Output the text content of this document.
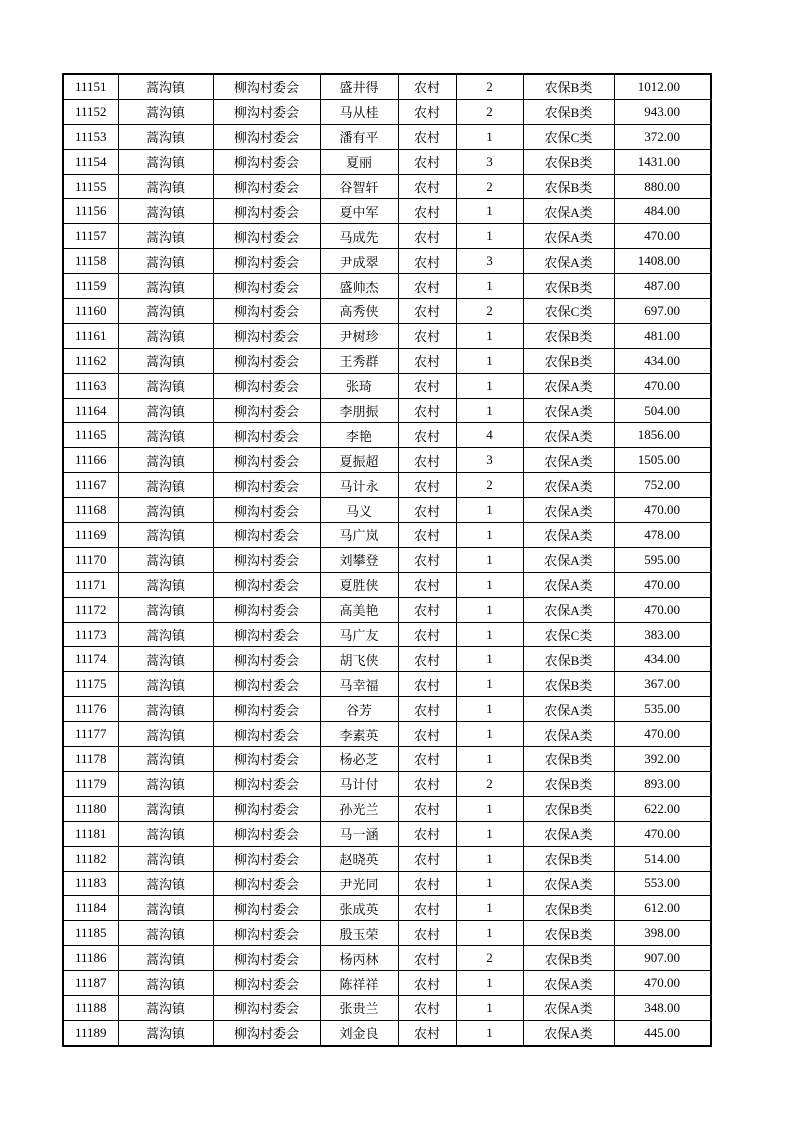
11151	蒿沟镇	柳沟村委会	盛井得	农村	2	农保B类	1012.00
11152	蒿沟镇	柳沟村委会	马从桂	农村	2	农保B类	943.00
11153	蒿沟镇	柳沟村委会	潘有平	农村	1	农保C类	372.00
11154	蒿沟镇	柳沟村委会	夏丽	农村	3	农保B类	1431.00
11155	蒿沟镇	柳沟村委会	谷智轩	农村	2	农保B类	880.00
11156	蒿沟镇	柳沟村委会	夏中军	农村	1	农保A类	484.00
11157	蒿沟镇	柳沟村委会	马成先	农村	1	农保A类	470.00
11158	蒿沟镇	柳沟村委会	尹成翠	农村	3	农保A类	1408.00
11159	蒿沟镇	柳沟村委会	盛帅杰	农村	1	农保B类	487.00
11160	蒿沟镇	柳沟村委会	高秀侠	农村	2	农保C类	697.00
11161	蒿沟镇	柳沟村委会	尹树珍	农村	1	农保B类	481.00
11162	蒿沟镇	柳沟村委会	王秀群	农村	1	农保B类	434.00
11163	蒿沟镇	柳沟村委会	张琦	农村	1	农保A类	470.00
11164	蒿沟镇	柳沟村委会	李朋振	农村	1	农保A类	504.00
11165	蒿沟镇	柳沟村委会	李艳	农村	4	农保A类	1856.00
11166	蒿沟镇	柳沟村委会	夏振超	农村	3	农保A类	1505.00
11167	蒿沟镇	柳沟村委会	马计永	农村	2	农保A类	752.00
11168	蒿沟镇	柳沟村委会	马义	农村	1	农保A类	470.00
11169	蒿沟镇	柳沟村委会	马广岚	农村	1	农保A类	478.00
11170	蒿沟镇	柳沟村委会	刘攀登	农村	1	农保A类	595.00
11171	蒿沟镇	柳沟村委会	夏胜侠	农村	1	农保A类	470.00
11172	蒿沟镇	柳沟村委会	高美艳	农村	1	农保A类	470.00
11173	蒿沟镇	柳沟村委会	马广友	农村	1	农保C类	383.00
11174	蒿沟镇	柳沟村委会	胡飞侠	农村	1	农保B类	434.00
11175	蒿沟镇	柳沟村委会	马幸福	农村	1	农保B类	367.00
11176	蒿沟镇	柳沟村委会	谷芳	农村	1	农保A类	535.00
11177	蒿沟镇	柳沟村委会	李素英	农村	1	农保A类	470.00
11178	蒿沟镇	柳沟村委会	杨必芝	农村	1	农保B类	392.00
11179	蒿沟镇	柳沟村委会	马计付	农村	2	农保B类	893.00
11180	蒿沟镇	柳沟村委会	孙光兰	农村	1	农保B类	622.00
11181	蒿沟镇	柳沟村委会	马一涵	农村	1	农保A类	470.00
11182	蒿沟镇	柳沟村委会	赵晓英	农村	1	农保B类	514.00
11183	蒿沟镇	柳沟村委会	尹光同	农村	1	农保A类	553.00
11184	蒿沟镇	柳沟村委会	张成英	农村	1	农保B类	612.00
11185	蒿沟镇	柳沟村委会	殷玉荣	农村	1	农保B类	398.00
11186	蒿沟镇	柳沟村委会	杨丙林	农村	2	农保B类	907.00
11187	蒿沟镇	柳沟村委会	陈祥祥	农村	1	农保A类	470.00
11188	蒿沟镇	柳沟村委会	张贵兰	农村	1	农保A类	348.00
11189	蒿沟镇	柳沟村委会	刘金良	农村	1	农保A类	445.00
